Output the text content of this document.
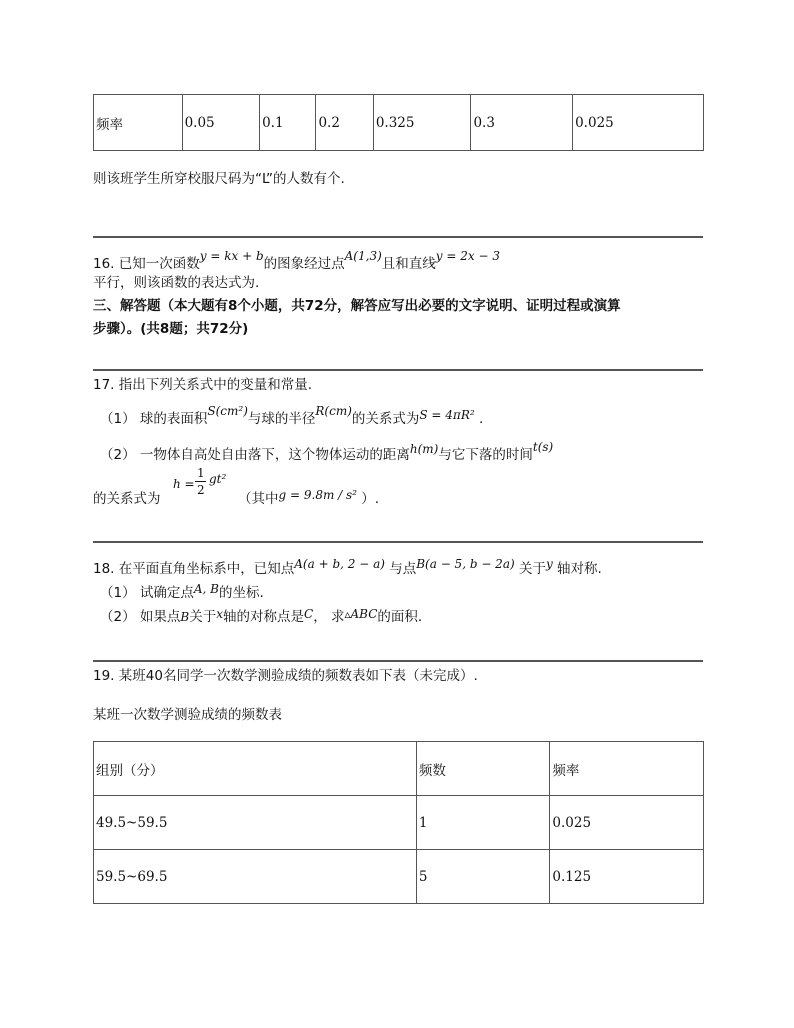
频率	0.05	0.1	0.2	0.325	0.3	0.025
则该班学生所穿校服尺码为“L”的人数有个.
16. 已知一次函数y = kx + b的图象经过点A(1,3)且和直线y = 2x − 3
平行，则该函数的表达式为.
三、解答题（本大题有8个小题，共72分，解答应写出必要的文字说明、证明过程或演算
步骤）。(共8题；共72分)
17. 指出下列关系式中的变量和常量.
（1） 球的表面积S(cm²)与球的半径R(cm)的关系式为S = 4πR² .
（2） 一物体自高处自由落下，这个物体运动的距离h(m)与它下落的时间t(s)
的关系式为
h =
1
2
gt²
（其中g = 9.8m / s² ）.
18. 在平面直角坐标系中，已知点A(a + b, 2 − a) 与点B(a − 5, b − 2a) 关于y 轴对称.
（1） 试确定点A, B的坐标.
（2） 如果点B关于x轴的对称点是C， 求▵ABC的面积.
19. 某班40名同学一次数学测验成绩的频数表如下表（未完成）.
某班一次数学测验成绩的频数表
组别（分）	频数	频率
49.5~59.5	1	0.025
59.5~69.5	5	0.125
